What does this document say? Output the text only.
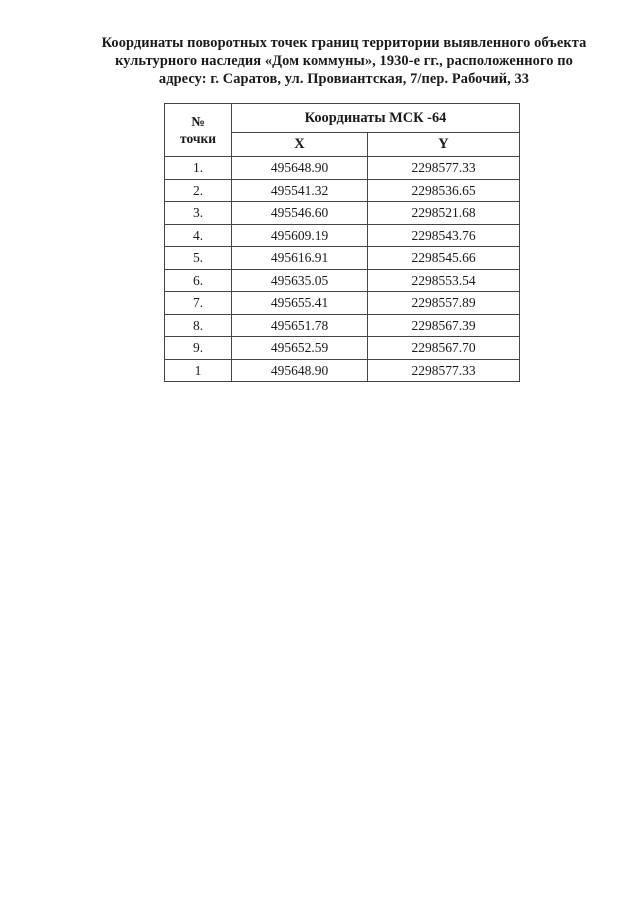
Координаты поворотных точек границ территории выявленного объекта
культурного наследия «Дом коммуны», 1930-е гг., расположенного по
адресу: г. Саратов, ул. Провиантская, 7/пер. Рабочий, 33
№
точки	Координаты МСК -64	
	X	Y
1.	495648.90	2298577.33
2.	495541.32	2298536.65
3.	495546.60	2298521.68
4.	495609.19	2298543.76
5.	495616.91	2298545.66
6.	495635.05	2298553.54
7.	495655.41	2298557.89
8.	495651.78	2298567.39
9.	495652.59	2298567.70
1	495648.90	2298577.33
